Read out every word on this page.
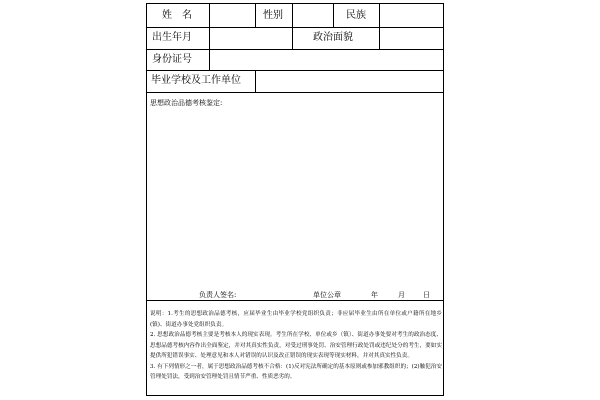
姓　名	性别	民族
出生年月	政治面貌
身份证号
毕业学校及工作单位
思想政治品德考核鉴定:
负责人签名:	单位公章	年	月	日

说明：1.考生的思想政治品德考核，应届毕业生由毕业学校党组织负责；非应届毕业生由所在单位或户籍所在地乡(镇)、街道办事处党组织负责。

2. 思想政治品德考核主要是考核本人的现实表现。考生所在学校、单位或乡（镇）、街道办事处要对考生的政治态度、思想品德考核内容作出全面鉴定，并对其真实性负责，对受过刑事处罚、治安管理行政处罚或违纪处分的考生，要如实提供所犯错误事实、处理意见和本人对错误的认识及改正错误的现实表现等现实材料，并对其真实性负责。

3. 有下列情形之一者，属于思想政治品德考核不合格：(1)反对宪法所确定的基本原则或参加邪教组织的；(2)触犯治安管理处罚法，受到治安管理处罚且情节严重、性质恶劣的。
